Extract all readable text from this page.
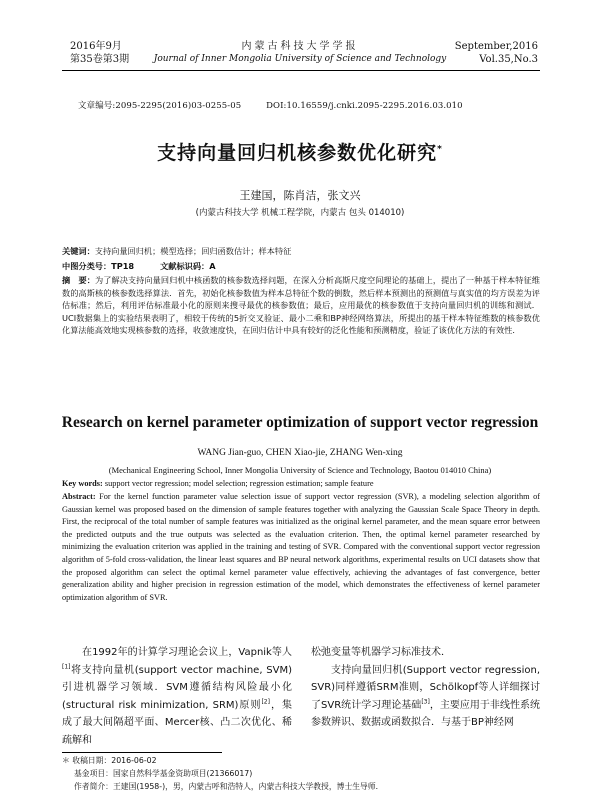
2016年9月
第35卷第3期
内蒙古科技大学学报
Journal of Inner Mongolia University of Science and Technology
September,2016
Vol.35,No.3
文章编号:2095-2295(2016)03-0255-05	DOI:10.16559/j.cnki.2095-2295.2016.03.010
支持向量回归机核参数优化研究*
王建国，陈肖洁，张文兴
(内蒙古科技大学 机械工程学院，内蒙古 包头 014010)
关键词：支持向量回归机；模型选择；回归函数估计；样本特征
中图分类号：TP18	文献标识码：A
摘　要：为了解决支持向量回归机中核函数的核参数选择问题，在深入分析高斯尺度空间理论的基础上，提出了一种基于样本特征维数的高斯核的核参数选择算法．首先，初始化核参数值为样本总特征个数的倒数，然后样本预测出的预测值与真实值的均方误差为评估标准；然后，利用评估标准最小化的原则来搜寻最优的核参数值；最后，应用最优的核参数值于支持向量回归机的训练和测试．UCI数据集上的实验结果表明了，相较于传统的5折交叉验证、最小二乘和BP神经网络算法，所提出的基于样本特征维数的核参数优化算法能高效地实现核参数的选择，收敛速度快，在回归估计中具有较好的泛化性能和预测精度，验证了该优化方法的有效性．
Research on kernel parameter optimization of support vector regression
WANG Jian-guo, CHEN Xiao-jie, ZHANG Wen-xing
(Mechanical Engineering School, Inner Mongolia University of Science and Technology, Baotou 014010 China)
Key words: support vector regression; model selection; regression estimation; sample feature
Abstract: For the kernel function parameter value selection issue of support vector regression (SVR), a modeling selection algorithm of Gaussian kernel was proposed based on the dimension of sample features together with analyzing the Gaussian Scale Space Theory in depth. First, the reciprocal of the total number of sample features was initialized as the original kernel parameter, and the mean square error between the predicted outputs and the true outputs was selected as the evaluation criterion. Then, the optimal kernel parameter researched by minimizing the evaluation criterion was applied in the training and testing of SVR. Compared with the conventional support vector regression algorithm of 5-fold cross-validation, the linear least squares and BP neural network algorithms, experimental results on UCI datasets show that the proposed algorithm can select the optimal kernel parameter value effectively, achieving the advantages of fast convergence, better generalization ability and higher precision in regression estimation of the model, which demonstrates the effectiveness of kernel parameter optimization algorithm of SVR.
在1992年的计算学习理论会议上，Vapnik等人[1]将支持向量机(support vector machine, SVM)引进机器学习领域．SVM遵循结构风险最小化(structural risk minimization, SRM)原则[2]，集成了最大间隔超平面、Mercer核、凸二次优化、稀疏解和
松弛变量等机器学习标准技术．
支持向量回归机(Support vector regression, SVR)同样遵循SRM准则，Schölkopf等人详细探讨了SVR统计学习理论基础[3]，主要应用于非线性系统参数辨识、数据或函数拟合．与基于BP神经网
＊ 收稿日期：2016-06-02
基金项目：国家自然科学基金资助项目(21366017)
作者简介：王建国(1958-)，男，内蒙古呼和浩特人，内蒙古科技大学教授，博士生导师．
